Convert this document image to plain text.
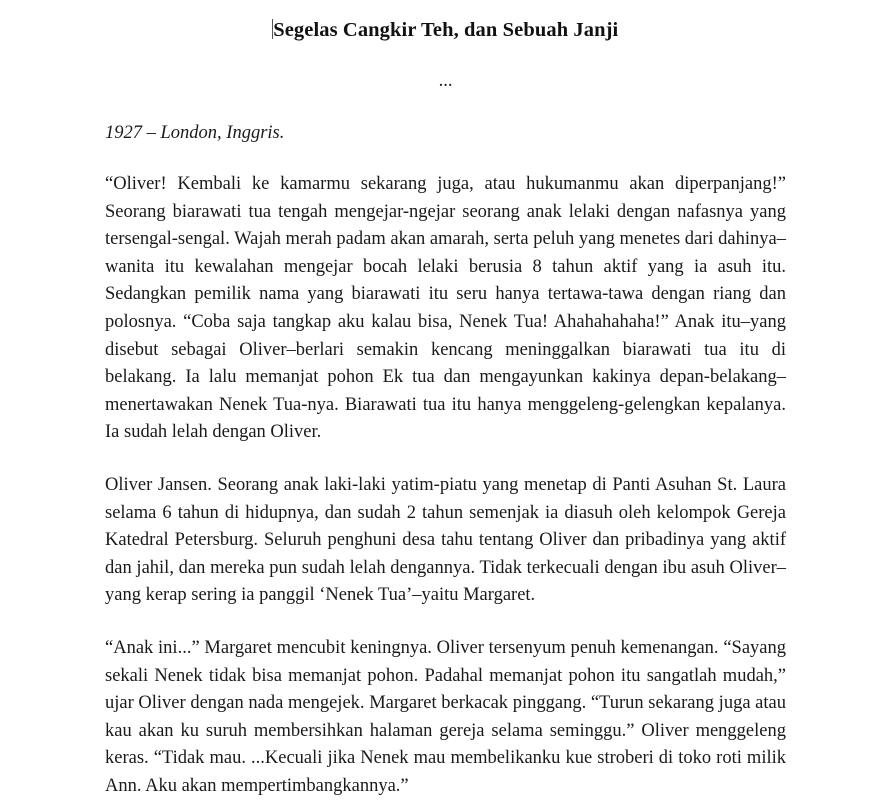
Segelas Cangkir Teh, dan Sebuah Janji
...
1927 – London, Inggris.

“Oliver! Kembali ke kamarmu sekarang juga, atau hukumanmu akan diperpanjang!” Seorang biarawati tua tengah mengejar-ngejar seorang anak lelaki dengan nafasnya yang tersengal-sengal. Wajah merah padam akan amarah, serta peluh yang menetes dari dahinya–wanita itu kewalahan mengejar bocah lelaki berusia 8 tahun aktif yang ia asuh itu. Sedangkan pemilik nama yang biarawati itu seru hanya tertawa-tawa dengan riang dan polosnya. “Coba saja tangkap aku kalau bisa, Nenek Tua! Ahahahahaha!” Anak itu–yang disebut sebagai Oliver–berlari semakin kencang meninggalkan biarawati tua itu di belakang. Ia lalu memanjat pohon Ek tua dan mengayunkan kakinya depan-belakang–menertawakan Nenek Tua-nya. Biarawati tua itu hanya menggeleng-gelengkan kepalanya. Ia sudah lelah dengan Oliver.

Oliver Jansen. Seorang anak laki-laki yatim-piatu yang menetap di Panti Asuhan St. Laura selama 6 tahun di hidupnya, dan sudah 2 tahun semenjak ia diasuh oleh kelompok Gereja Katedral Petersburg. Seluruh penghuni desa tahu tentang Oliver dan pribadinya yang aktif dan jahil, dan mereka pun sudah lelah dengannya. Tidak terkecuali dengan ibu asuh Oliver–yang kerap sering ia panggil ‘Nenek Tua’–yaitu Margaret.

“Anak ini...” Margaret mencubit keningnya. Oliver tersenyum penuh kemenangan. “Sayang sekali Nenek tidak bisa memanjat pohon. Padahal memanjat pohon itu sangatlah mudah,” ujar Oliver dengan nada mengejek. Margaret berkacak pinggang. “Turun sekarang juga atau kau akan ku suruh membersihkan halaman gereja selama seminggu.” Oliver menggeleng keras. “Tidak mau. ...Kecuali jika Nenek mau membelikanku kue stroberi di toko roti milik Ann. Aku akan mempertimbangkannya.”
